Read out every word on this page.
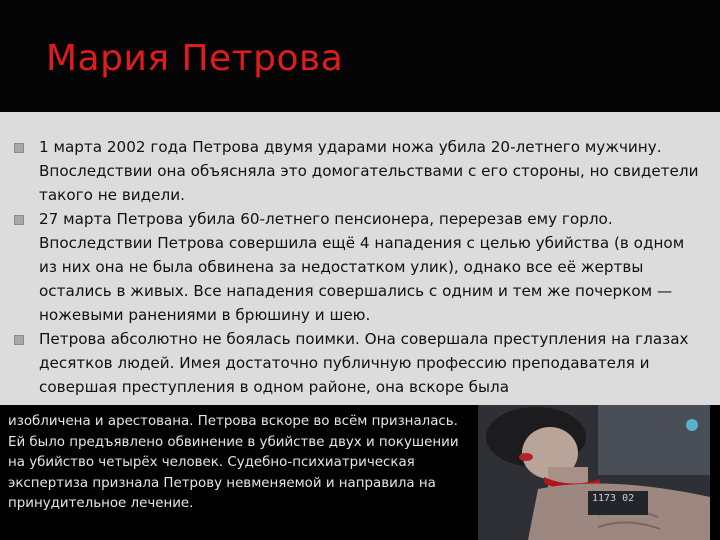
Мария Петрова
1 марта 2002 года Петрова двумя ударами ножа убила 20-летнего мужчину. Впоследствии она объясняла это домогательствами с его стороны, но свидетели такого не видели.
27 марта Петрова убила 60-летнего пенсионера, перерезав ему горло. Впоследствии Петрова совершила ещё 4 нападения с целью убийства (в одном из них она не была обвинена за недостатком улик), однако все её жертвы остались в живых. Все нападения совершались с одним и тем же почерком — ножевыми ранениями в брюшину и шею.
Петрова абсолютно не боялась поимки. Она совершала преступления на глазах десятков людей. Имея достаточно публичную профессию преподавателя и совершая преступления в одном районе, она вскоре была
изобличена и арестована. Петрова вскоре во всём призналась. Ей было предъявлено обвинение в убийстве двух и покушении на убийство четырёх человек. Судебно-психиатрическая экспертиза признала Петрову невменяемой и направила на принудительное лечение.	1173 02
